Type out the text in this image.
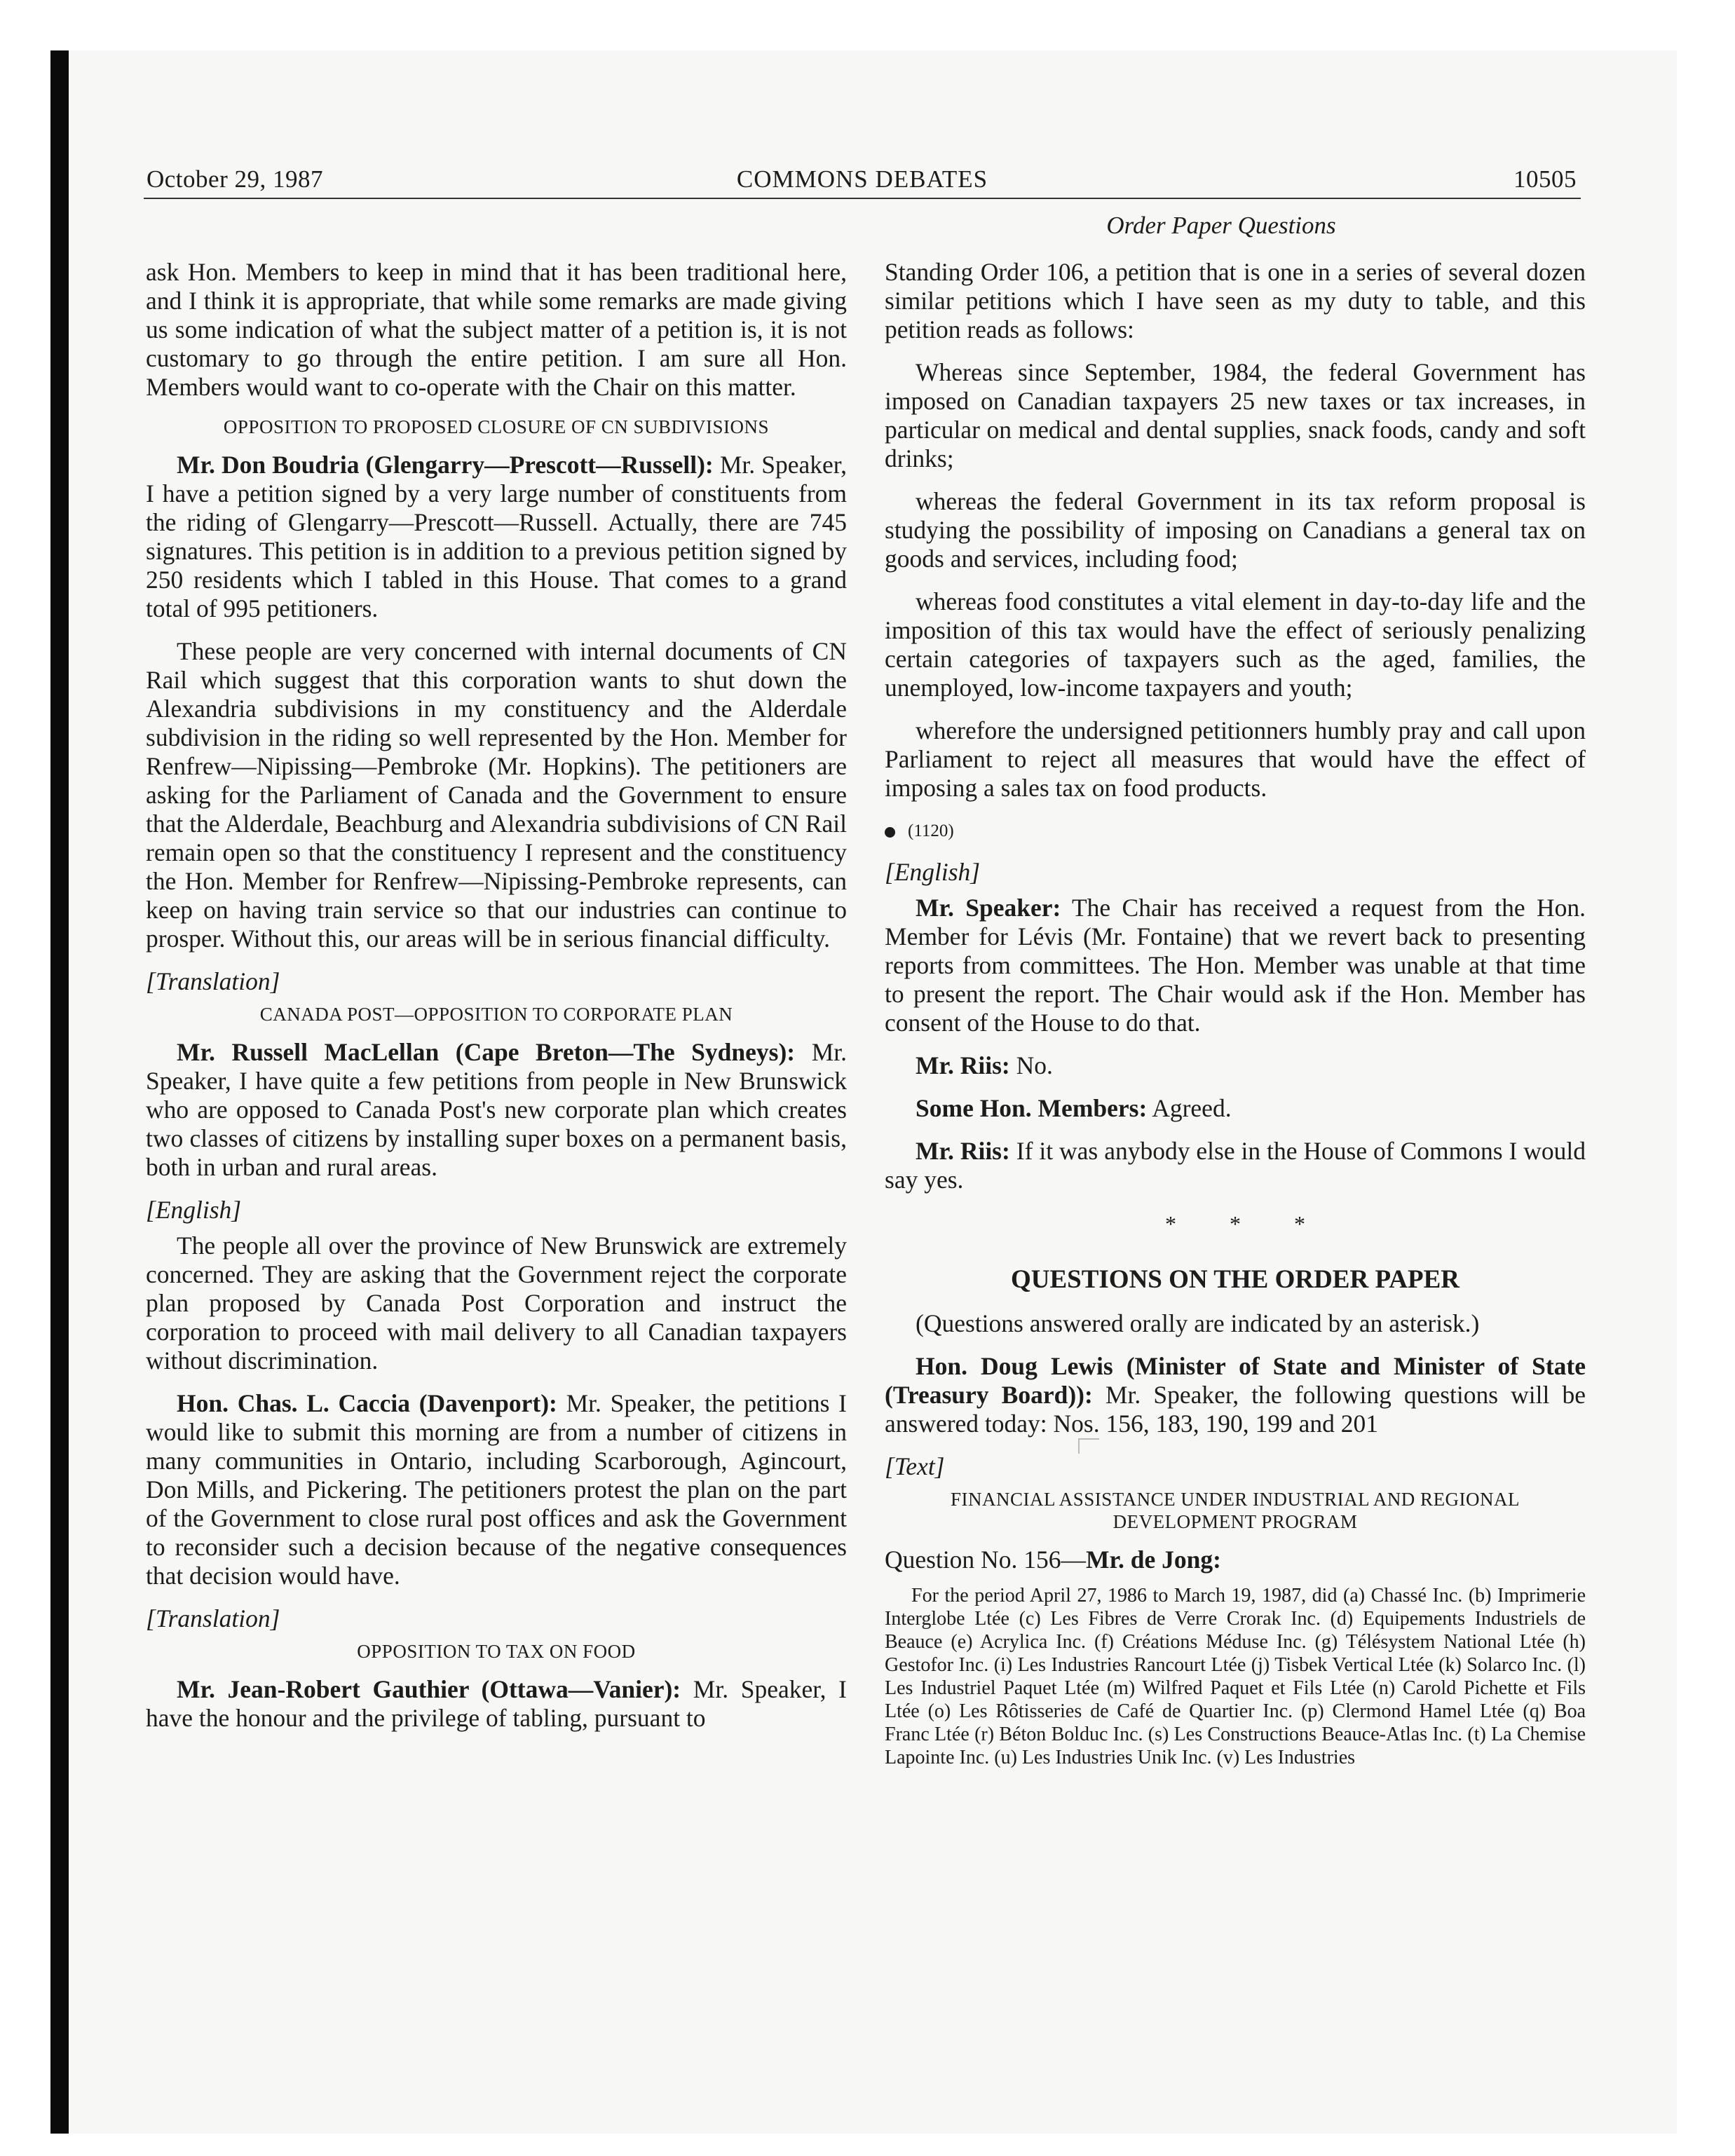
October 29, 1987	COMMONS DEBATES	10505
Order Paper Questions

ask Hon. Members to keep in mind that it has been traditional here, and I think it is appropriate, that while some remarks are made giving us some indication of what the subject matter of a petition is, it is not customary to go through the entire petition. I am sure all Hon. Members would want to co-operate with the Chair on this matter.

OPPOSITION TO PROPOSED CLOSURE OF CN SUBDIVISIONS

Mr. Don Boudria (Glengarry—Prescott—Russell): Mr. Speaker, I have a petition signed by a very large number of constituents from the riding of Glengarry—Prescott—Russell. Actually, there are 745 signatures. This petition is in addition to a previous petition signed by 250 residents which I tabled in this House. That comes to a grand total of 995 petitioners.

These people are very concerned with internal documents of CN Rail which suggest that this corporation wants to shut down the Alexandria subdivisions in my constituency and the Alderdale subdivision in the riding so well represented by the Hon. Member for Renfrew—Nipissing—Pembroke (Mr. Hopkins). The petitioners are asking for the Parliament of Canada and the Government to ensure that the Alderdale, Beachburg and Alexandria subdivisions of CN Rail remain open so that the constituency I represent and the constituency the Hon. Member for Renfrew—Nipissing-Pembroke represents, can keep on having train service so that our industries can continue to prosper. Without this, our areas will be in serious financial difficulty.

[Translation]
CANADA POST—OPPOSITION TO CORPORATE PLAN

Mr. Russell MacLellan (Cape Breton—The Sydneys): Mr. Speaker, I have quite a few petitions from people in New Brunswick who are opposed to Canada Post's new corporate plan which creates two classes of citizens by installing super boxes on a permanent basis, both in urban and rural areas.

[English]

The people all over the province of New Brunswick are extremely concerned. They are asking that the Government reject the corporate plan proposed by Canada Post Corporation and instruct the corporation to proceed with mail delivery to all Canadian taxpayers without discrimination.

Hon. Chas. L. Caccia (Davenport): Mr. Speaker, the petitions I would like to submit this morning are from a number of citizens in many communities in Ontario, including Scarborough, Agincourt, Don Mills, and Pickering. The petitioners protest the plan on the part of the Government to close rural post offices and ask the Government to reconsider such a decision because of the negative consequences that decision would have.

[Translation]
OPPOSITION TO TAX ON FOOD

Mr. Jean-Robert Gauthier (Ottawa—Vanier): Mr. Speaker, I have the honour and the privilege of tabling, pursuant to

Standing Order 106, a petition that is one in a series of several dozen similar petitions which I have seen as my duty to table, and this petition reads as follows:

Whereas since September, 1984, the federal Government has imposed on Canadian taxpayers 25 new taxes or tax increases, in particular on medical and dental supplies, snack foods, candy and soft drinks;

whereas the federal Government in its tax reform proposal is studying the possibility of imposing on Canadians a general tax on goods and services, including food;

whereas food constitutes a vital element in day-to-day life and the imposition of this tax would have the effect of seriously penalizing certain categories of taxpayers such as the aged, families, the unemployed, low-income taxpayers and youth;

wherefore the undersigned petitionners humbly pray and call upon Parliament to reject all measures that would have the effect of imposing a sales tax on food products.

(1120)
[English]

Mr. Speaker: The Chair has received a request from the Hon. Member for Lévis (Mr. Fontaine) that we revert back to presenting reports from committees. The Hon. Member was unable at that time to present the report. The Chair would ask if the Hon. Member has consent of the House to do that.

Mr. Riis: No.

Some Hon. Members: Agreed.

Mr. Riis: If it was anybody else in the House of Commons I would say yes.

* * *
QUESTIONS ON THE ORDER PAPER

(Questions answered orally are indicated by an asterisk.)

Hon. Doug Lewis (Minister of State and Minister of State (Treasury Board)): Mr. Speaker, the following questions will be answered today: Nos. 156, 183, 190, 199 and 201

[Text]
FINANCIAL ASSISTANCE UNDER INDUSTRIAL AND REGIONAL DEVELOPMENT PROGRAM

Question No. 156—Mr. de Jong:

For the period April 27, 1986 to March 19, 1987, did (a) Chassé Inc. (b) Imprimerie Interglobe Ltée (c) Les Fibres de Verre Crorak Inc. (d) Equipements Industriels de Beauce (e) Acrylica Inc. (f) Créations Méduse Inc. (g) Télésystem National Ltée (h) Gestofor Inc. (i) Les Industries Rancourt Ltée (j) Tisbek Vertical Ltée (k) Solarco Inc. (l) Les Industriel Paquet Ltée (m) Wilfred Paquet et Fils Ltée (n) Carold Pichette et Fils Ltée (o) Les Rôtisseries de Café de Quartier Inc. (p) Clermond Hamel Ltée (q) Boa Franc Ltée (r) Béton Bolduc Inc. (s) Les Constructions Beauce-Atlas Inc. (t) La Chemise Lapointe Inc. (u) Les Industries Unik Inc. (v) Les Industries
